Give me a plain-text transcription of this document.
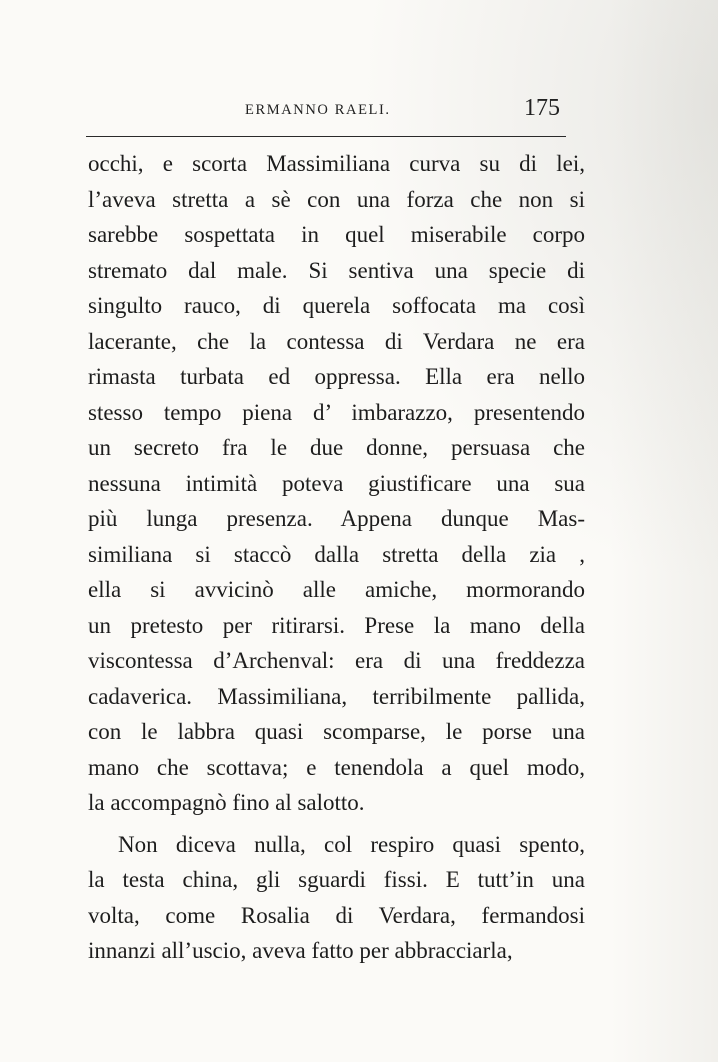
ERMANNO RAELI.	175
occhi, e scorta Massimiliana curva su di lei,
l’aveva stretta a sè con una forza che non si
sarebbe sospettata in quel miserabile corpo
stremato dal male. Si sentiva una specie di
singulto rauco, di querela soffocata ma così
lacerante, che la contessa di Verdara ne era
rimasta turbata ed oppressa. Ella era nello
stesso tempo piena d’ imbarazzo, presentendo
un secreto fra le due donne, persuasa che
nessuna intimità poteva giustificare una sua
più lunga presenza. Appena dunque Mas-
similiana si staccò dalla stretta della zia ,
ella si avvicinò alle amiche, mormorando
un pretesto per ritirarsi. Prese la mano della
viscontessa d’Archenval: era di una freddezza
cadaverica. Massimiliana, terribilmente pallida,
con le labbra quasi scomparse, le porse una
mano che scottava; e tenendola a quel modo,
la accompagnò fino al salotto.
Non diceva nulla, col respiro quasi spento,
la testa china, gli sguardi fissi. E tutt’in una
volta, come Rosalia di Verdara, fermandosi
innanzi all’uscio, aveva fatto per abbracciarla,
